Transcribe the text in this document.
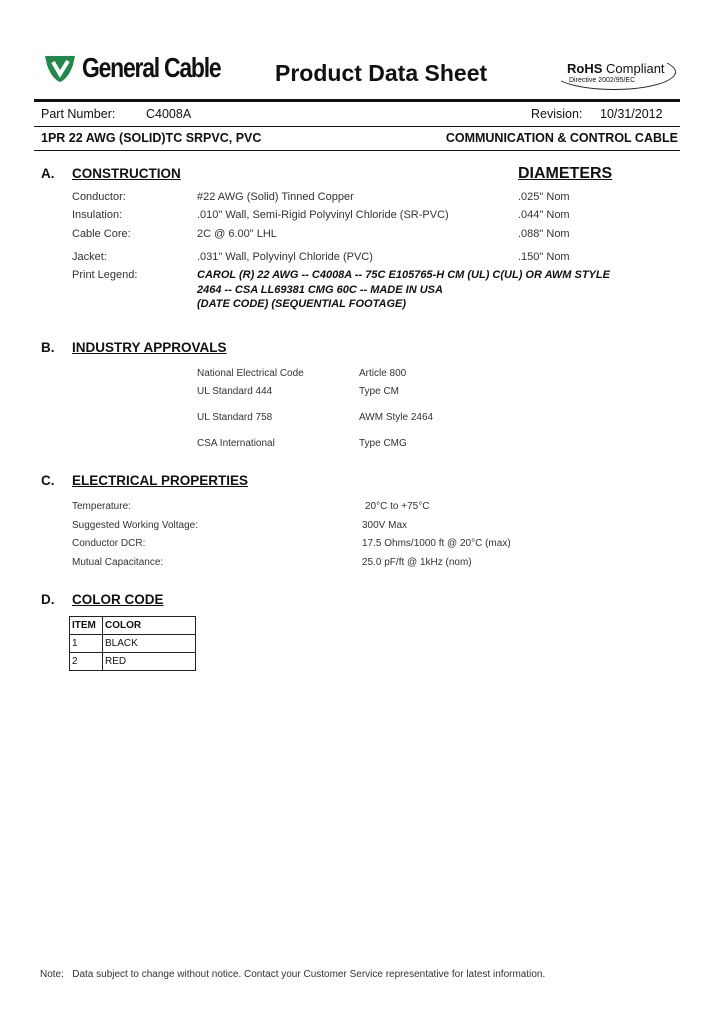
General Cable Product Data Sheet	RoHS Compliant
Directive 2002/95/EC
Part Number: C4008A	Revision: 10/31/2012
1PR 22 AWG (SOLID)TC SRPVC, PVC	COMMUNICATION & CONTROL CABLE
A. CONSTRUCTION	DIAMETERS
Conductor:	#22 AWG (Solid) Tinned Copper	.025" Nom
Insulation:	.010" Wall, Semi-Rigid Polyvinyl Chloride (SR-PVC)	.044" Nom
Cable Core:	2C @ 6.00" LHL	.088" Nom
Jacket:	.031" Wall, Polyvinyl Chloride (PVC)	.150" Nom
Print Legend:	CAROL (R) 22 AWG -- C4008A -- 75C E105765-H CM (UL) C(UL) OR AWM STYLE
2464 -- CSA LL69381 CMG 60C -- MADE IN USA
(DATE CODE) (SEQUENTIAL FOOTAGE)
B. INDUSTRY APPROVALS
National Electrical Code	Article 800
UL Standard 444	Type CM
UL Standard 758	AWM Style 2464
CSA International	Type CMG
C. ELECTRICAL PROPERTIES
Temperature:	20°C to +75°C
Suggested Working Voltage:	300V Max
Conductor DCR:	17.5 Ohms/1000 ft @ 20°C (max)
Mutual Capacitance:	25.0 pF/ft @ 1kHz (nom)
D. COLOR CODE
ITEM	COLOR
1	BLACK
2	RED
Note:   Data subject to change without notice. Contact your Customer Service representative for latest information.
